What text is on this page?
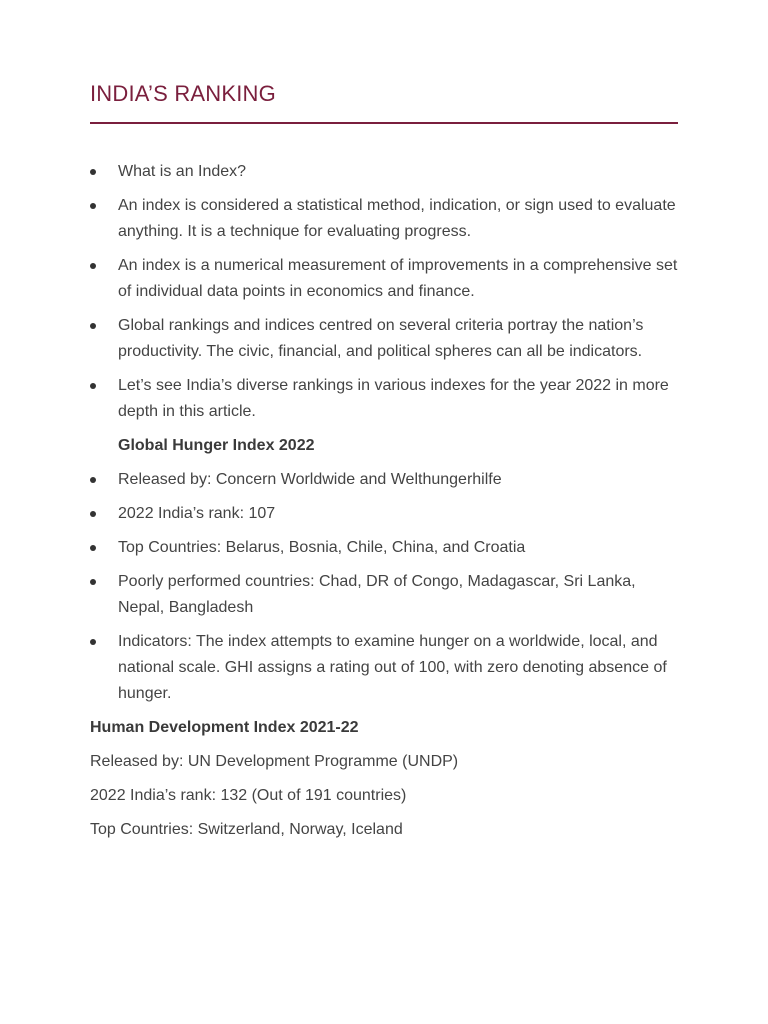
INDIA’S RANKING
What is an Index?
An index is considered a statistical method, indication, or sign used to evaluate anything. It is a technique for evaluating progress.
An index is a numerical measurement of improvements in a comprehensive set of individual data points in economics and finance.
Global rankings and indices centred on several criteria portray the nation’s productivity. The civic, financial, and political spheres can all be indicators.
Let’s see India’s diverse rankings in various indexes for the year 2022 in more depth in this article.

Global Hunger Index 2022

Released by: Concern Worldwide and Welthungerhilfe
2022 India’s rank: 107
Top Countries: Belarus, Bosnia, Chile, China, and Croatia
Poorly performed countries: Chad, DR of Congo, Madagascar, Sri Lanka, Nepal, Bangladesh
Indicators: The index attempts to examine hunger on a worldwide, local, and national scale. GHI assigns a rating out of 100, with zero denoting absence of hunger.

Human Development Index 2021-22

Released by: UN Development Programme (UNDP)

2022 India’s rank: 132 (Out of 191 countries)

Top Countries: Switzerland, Norway, Iceland
